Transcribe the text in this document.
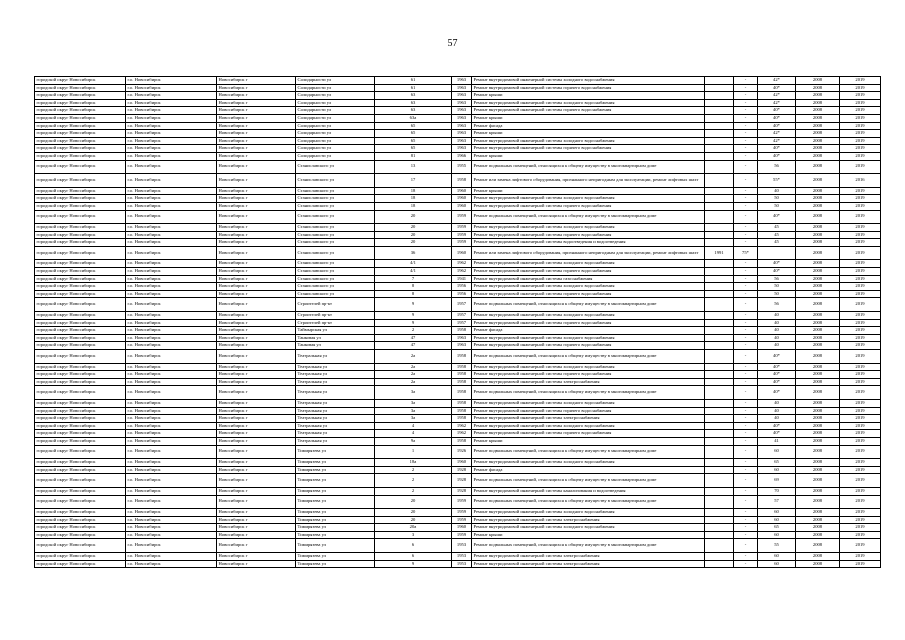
57
городской округ Новосибирск	г.о. Новосибирск	Новосибирск г	Солидарности ул	61	1963	Ремонт внутридомовой инженерной системы холодного водоснабжения		-	42*	2008	2019
городской округ Новосибирск	г.о. Новосибирск	Новосибирск г	Солидарности ул	61	1963	Ремонт внутридомовой инженерной системы горячего водоснабжения		-	40*	2008	2019
городской округ Новосибирск	г.о. Новосибирск	Новосибирск г	Солидарности ул	63	1963	Ремонт крыши		-	42*	2008	2019
городской округ Новосибирск	г.о. Новосибирск	Новосибирск г	Солидарности ул	63	1963	Ремонт внутридомовой инженерной системы холодного водоснабжения		-	42*	2008	2019
городской округ Новосибирск	г.о. Новосибирск	Новосибирск г	Солидарности ул	63	1963	Ремонт внутридомовой инженерной системы горячего водоснабжения		-	40*	2008	2019
городской округ Новосибирск	г.о. Новосибирск	Новосибирск г	Солидарности ул	63а	1963	Ремонт крыши		-	40*	2008	2019
городской округ Новосибирск	г.о. Новосибирск	Новосибирск г	Солидарности ул	65	1963	Ремонт фасада		-	40*	2008	2019
городской округ Новосибирск	г.о. Новосибирск	Новосибирск г	Солидарности ул	65	1963	Ремонт крыши		-	42*	2008	2019
городской округ Новосибирск	г.о. Новосибирск	Новосибирск г	Солидарности ул	65	1963	Ремонт внутридомовой инженерной системы холодного водоснабжения		-	42*	2008	2019
городской округ Новосибирск	г.о. Новосибирск	Новосибирск г	Солидарности ул	65	1963	Ремонт внутридомовой инженерной системы горячего водоснабжения		-	40*	2008	2019
городской округ Новосибирск	г.о. Новосибирск	Новосибирск г	Солидарности ул	81	1966	Ремонт крыши		-	40*	2008	2019
городской округ Новосибирск	г.о. Новосибирск	Новосибирск г	Станиславского ул	13	1955	Ремонт подвальных помещений, относящихся к общему имуществу в многоквартирном доме		-	56	2008	2019
городской округ Новосибирск	г.о. Новосибирск	Новосибирск г	Станиславского ул	17	1958	Ремонт или замена лифтового оборудования, признанного непригодным для эксплуатации, ремонт лифтовых шахт		-	55*	2008	2016
городской округ Новосибирск	г.о. Новосибирск	Новосибирск г	Станиславского ул	18	1960	Ремонт крыши		-	40	2008	2019
городской округ Новосибирск	г.о. Новосибирск	Новосибирск г	Станиславского ул	18	1960	Ремонт внутридомовой инженерной системы холодного водоснабжения		-	50	2008	2019
городской округ Новосибирск	г.о. Новосибирск	Новосибирск г	Станиславского ул	18	1960	Ремонт внутридомовой инженерной системы горячего водоснабжения		-	50	2008	2019
городской округ Новосибирск	г.о. Новосибирск	Новосибирск г	Станиславского ул	20	1959	Ремонт подвальных помещений, относящихся к общему имуществу в многоквартирном доме		-	40*	2008	2019
городской округ Новосибирск	г.о. Новосибирск	Новосибирск г	Станиславского ул	20	1959	Ремонт внутридомовой инженерной системы холодного водоснабжения		-	45	2008	2019
городской округ Новосибирск	г.о. Новосибирск	Новосибирск г	Станиславского ул	20	1959	Ремонт внутридомовой инженерной системы горячего водоснабжения		-	45	2008	2019
городской округ Новосибирск	г.о. Новосибирск	Новосибирск г	Станиславского ул	20	1959	Ремонт внутридомовой инженерной системы водоотведения и водоотведения		-	45	2008	2019
городской округ Новосибирск	г.о. Новосибирск	Новосибирск г	Станиславского ул	36	1960	Ремонт или замена лифтового оборудования, признанного непригодным для эксплуатации, ремонт лифтовых шахт	1991	75*		2008	2019
городской округ Новосибирск	г.о. Новосибирск	Новосибирск г	Станиславского ул	4/1	1962	Ремонт внутридомовой инженерной системы холодного водоснабжения		-	40*	2008	2019
городской округ Новосибирск	г.о. Новосибирск	Новосибирск г	Станиславского ул	4/1	1962	Ремонт внутридомовой инженерной системы горячего водоснабжения		-	40*	2008	2019
городской округ Новосибирск	г.о. Новосибирск	Новосибирск г	Станиславского ул	7	1941	Ремонт внутридомовой инженерной системы газоснабжения		-	56	2008	2019
городской округ Новосибирск	г.о. Новосибирск	Новосибирск г	Станиславского ул	8	1956	Ремонт внутридомовой инженерной системы холодного водоснабжения		-	50	2008	2019
городской округ Новосибирск	г.о. Новосибирск	Новосибирск г	Станиславского ул	8	1956	Ремонт внутридомовой инженерной системы горячего водоснабжения		-	50	2008	2019
городской округ Новосибирск	г.о. Новосибирск	Новосибирск г	Строителей пр-кт	9	1957	Ремонт подвальных помещений, относящихся к общему имуществу в многоквартирном доме		-	56	2008	2019
городской округ Новосибирск	г.о. Новосибирск	Новосибирск г	Строителей пр-кт	9	1957	Ремонт внутридомовой инженерной системы холодного водоснабжения		-	40	2008	2019
городской округ Новосибирск	г.о. Новосибирск	Новосибирск г	Строителей пр-кт	9	1957	Ремонт внутридомовой инженерной системы горячего водоснабжения		-	40	2008	2019
городской округ Новосибирск	г.о. Новосибирск	Новосибирск г	Таймырская ул	2	1958	Ремонт фасада		-	40	2008	2019
городской округ Новосибирск	г.о. Новосибирск	Новосибирск г	Танковая ул	47	1963	Ремонт внутридомовой инженерной системы холодного водоснабжения		-	40	2008	2019
городской округ Новосибирск	г.о. Новосибирск	Новосибирск г	Танковая ул	47	1963	Ремонт внутридомовой инженерной системы горячего водоснабжения		-	40	2008	2019
городской округ Новосибирск	г.о. Новосибирск	Новосибирск г	Театральная ул	2а	1958	Ремонт подвальных помещений, относящихся к общему имуществу в многоквартирном доме		-	40*	2008	2019
городской округ Новосибирск	г.о. Новосибирск	Новосибирск г	Театральная ул	2а	1958	Ремонт внутридомовой инженерной системы холодного водоснабжения		-	40*	2008	2019
городской округ Новосибирск	г.о. Новосибирск	Новосибирск г	Театральная ул	2а	1958	Ремонт внутридомовой инженерной системы горячего водоснабжения		-	40*	2008	2019
городской округ Новосибирск	г.о. Новосибирск	Новосибирск г	Театральная ул	2а	1958	Ремонт внутридомовой инженерной системы электроснабжения		-	40*	2008	2019
городской округ Новосибирск	г.о. Новосибирск	Новосибирск г	Театральная ул	3а	1958	Ремонт подвальных помещений, относящихся к общему имуществу в многоквартирном доме		-	40*	2008	2019
городской округ Новосибирск	г.о. Новосибирск	Новосибирск г	Театральная ул	3а	1958	Ремонт внутридомовой инженерной системы холодного водоснабжения		-	40	2008	2019
городской округ Новосибирск	г.о. Новосибирск	Новосибирск г	Театральная ул	3а	1958	Ремонт внутридомовой инженерной системы горячего водоснабжения		-	40	2008	2019
городской округ Новосибирск	г.о. Новосибирск	Новосибирск г	Театральная ул	3а	1958	Ремонт внутридомовой инженерной системы электроснабжения		-	40	2008	2019
городской округ Новосибирск	г.о. Новосибирск	Новосибирск г	Театральная ул	4	1962	Ремонт внутридомовой инженерной системы холодного водоснабжения		-	40*	2008	2019
городской округ Новосибирск	г.о. Новосибирск	Новосибирск г	Театральная ул	4	1962	Ремонт внутридомовой инженерной системы горячего водоснабжения		-	40*	2008	2019
городской округ Новосибирск	г.о. Новосибирск	Новосибирск г	Театральная ул	9а	1958	Ремонт крыши		-	41	2008	2019
городской округ Новосибирск	г.о. Новосибирск	Новосибирск г	Тимирязева ул	1	1926	Ремонт подвальных помещений, относящихся к общему имуществу в многоквартирном доме		-	60	2008	2019
городской округ Новосибирск	г.о. Новосибирск	Новосибирск г	Тимирязева ул	18а	1960	Ремонт внутридомовой инженерной системы холодного водоснабжения		-	65	2008	2019
городской округ Новосибирск	г.о. Новосибирск	Новосибирск г	Тимирязева ул	2	1928	Ремонт фасада		-	60	2008	2019
городской округ Новосибирск	г.о. Новосибирск	Новосибирск г	Тимирязева ул	2	1928	Ремонт подвальных помещений, относящихся к общему имуществу в многоквартирном доме		-	69	2008	2019
городской округ Новосибирск	г.о. Новосибирск	Новосибирск г	Тимирязева ул	2	1928	Ремонт внутридомовой инженерной системы канализования и водоотведения		-	70	2008	2019
городской округ Новосибирск	г.о. Новосибирск	Новосибирск г	Тимирязева ул	20	1959	Ремонт подвальных помещений, относящихся к общему имуществу в многоквартирном доме		-	57	2008	2019
городской округ Новосибирск	г.о. Новосибирск	Новосибирск г	Тимирязева ул	20	1959	Ремонт внутридомовой инженерной системы холодного водоснабжения		-	60	2008	2019
городской округ Новосибирск	г.о. Новосибирск	Новосибирск г	Тимирязева ул	20	1959	Ремонт внутридомовой инженерной системы электроснабжения		-	60	2008	2019
городской округ Новосибирск	г.о. Новосибирск	Новосибирск г	Тимирязева ул	20а	1960	Ремонт внутридомовой инженерной системы холодного водоснабжения		-	65	2008	2019
городской округ Новосибирск	г.о. Новосибирск	Новосибирск г	Тимирязева ул	3	1959	Ремонт крыши		-	60	2008	2019
городской округ Новосибирск	г.о. Новосибирск	Новосибирск г	Тимирязева ул	6	1953	Ремонт подвальных помещений, относящихся к общему имуществу в многоквартирном доме		-	55	2008	2019
городской округ Новосибирск	г.о. Новосибирск	Новосибирск г	Тимирязева ул	6	1953	Ремонт внутридомовой инженерной системы электроснабжения		-	60	2008	2019
городской округ Новосибирск	г.о. Новосибирск	Новосибирск г	Тимирязева ул	9	1953	Ремонт внутридомовой инженерной системы электроснабжения		-	60	2008	2019
